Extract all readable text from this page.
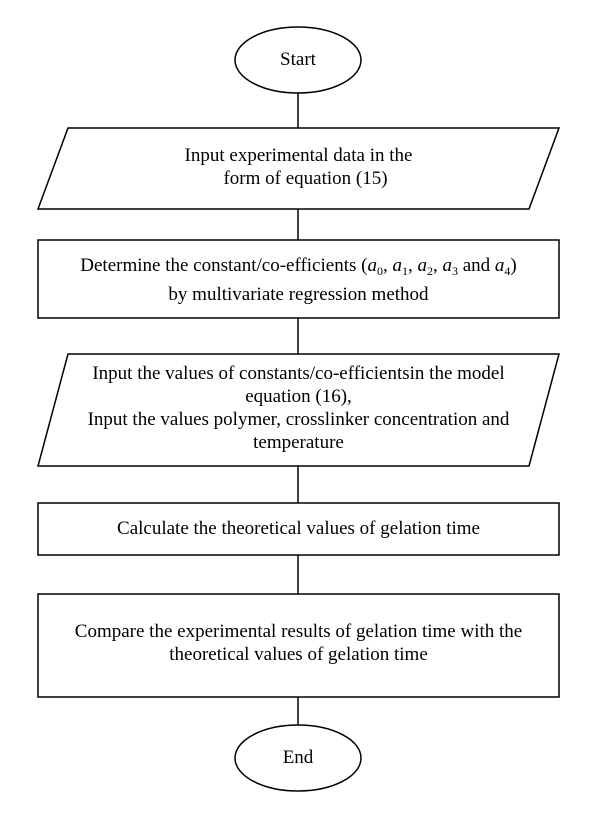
Start
Input experimental data in the
form of equation (15)
Determine the constant/co-efficients ($a_0$, $a_1$, $a_2$, $a_3$ and $a_4$)
by multivariate regression method
Input the values of constants/co-efficientsin the model
equation (16),
Input the values polymer, crosslinker concentration and
temperature
Calculate the theoretical values of gelation time
Compare the experimental results of gelation time with the
theoretical values of gelation time
End
